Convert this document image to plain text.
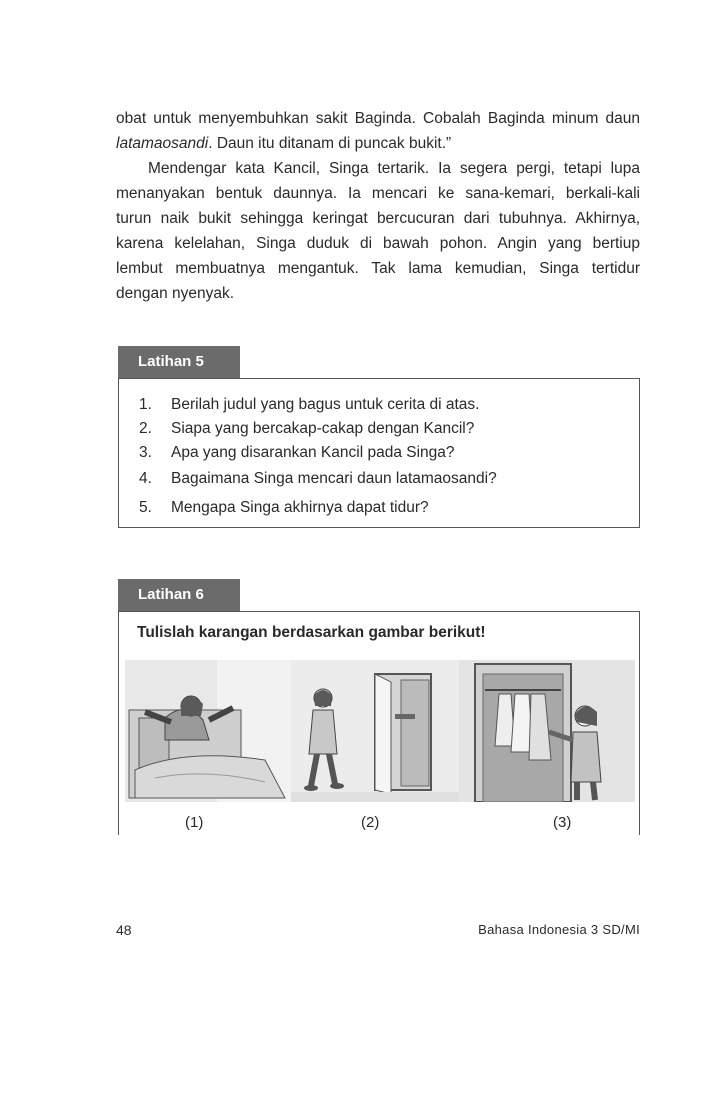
obat untuk menyembuhkan sakit Baginda. Cobalah Baginda minum daun
latamaosandi. Daun itu ditanam di puncak bukit.”
Mendengar kata Kancil, Singa tertarik. Ia segera pergi, tetapi lupa
menanyakan bentuk daunnya. Ia mencari ke sana-kemari, berkali-kali
turun naik bukit sehingga keringat bercucuran dari tubuhnya. Akhirnya,
karena kelelahan, Singa duduk di bawah pohon. Angin yang bertiup
lembut membuatnya mengantuk. Tak lama kemudian, Singa tertidur
dengan nyenyak.
Latihan 5
1. Berilah judul yang bagus untuk cerita di atas.
2. Siapa yang bercakap-cakap dengan Kancil?
3. Apa yang disarankan Kancil pada Singa?
4. Bagaimana Singa mencari daun latamaosandi?
5. Mengapa Singa akhirnya dapat tidur?
Latihan 6
Tulislah karangan berdasarkan gambar berikut!
(1)	(2)	(3)
48	Bahasa Indonesia 3 SD/MI
